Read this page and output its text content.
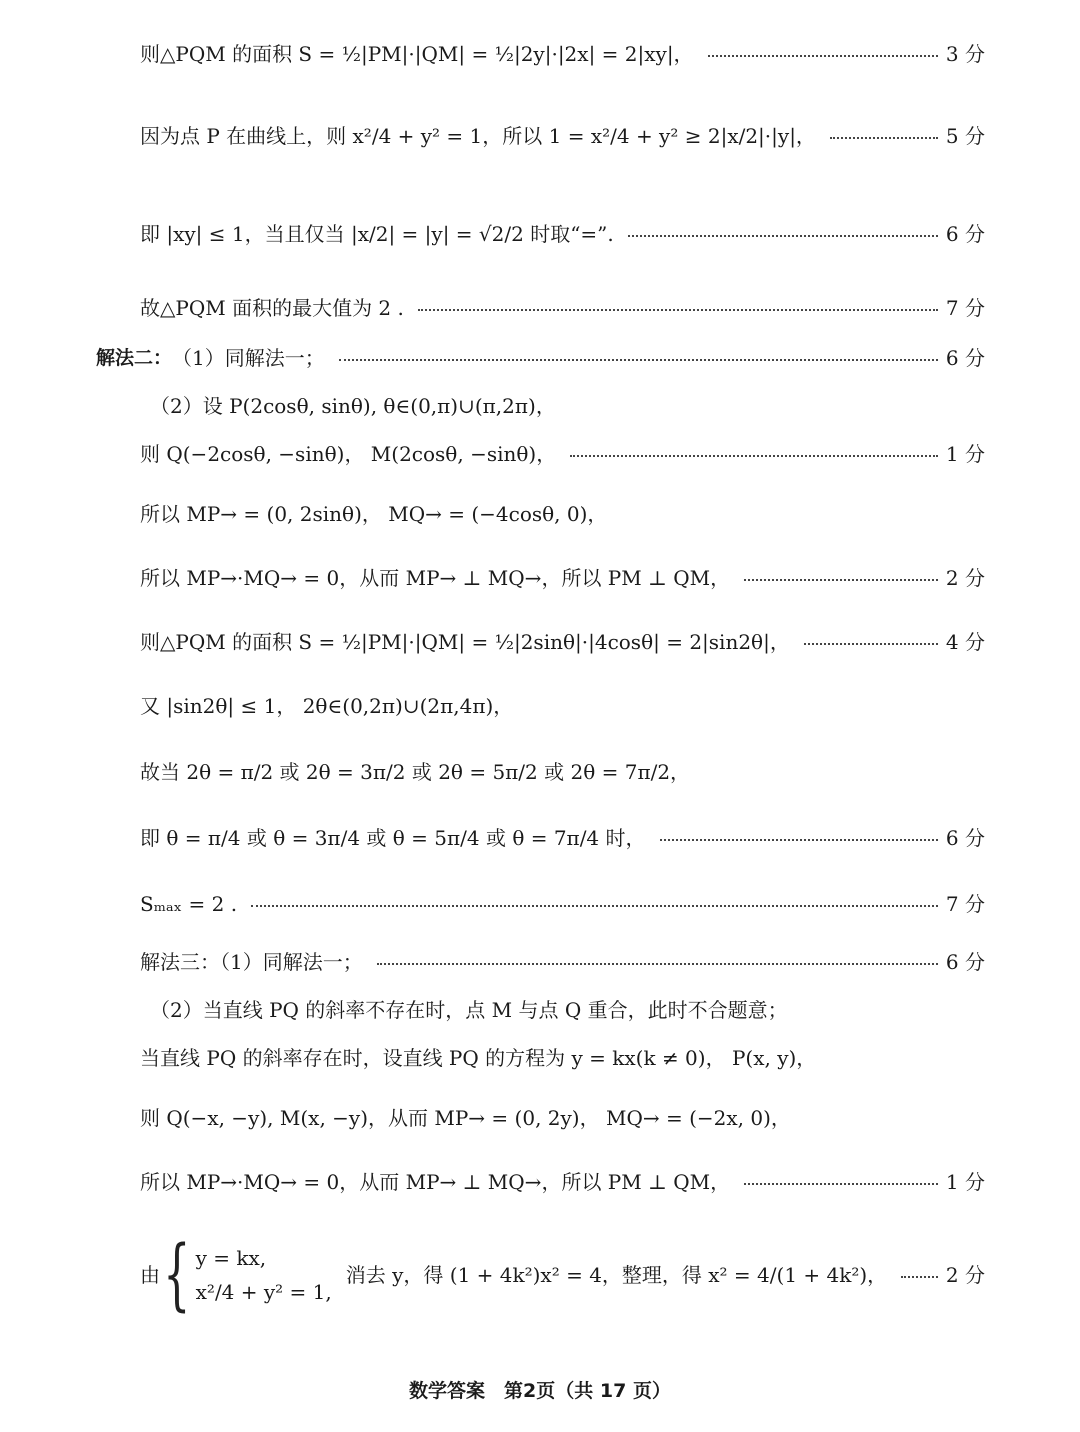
则△PQM 的面积 S = ½|PM|·|QM| = ½|2y|·|2x| = 2|xy|，	3 分
因为点 P 在曲线上，则 x²/4 + y² = 1，所以 1 = x²/4 + y² ≥ 2|x/2|·|y|，	5 分
即 |xy| ≤ 1，当且仅当 |x/2| = |y| = √2/2 时取“=”.	6 分
故△PQM 面积的最大值为 2 .	7 分
解法二： （1）同解法一；	6 分
（2）设 P(2cosθ, sinθ), θ∈(0,π)∪(π,2π)，
则 Q(−2cosθ, −sinθ)， M(2cosθ, −sinθ)，	1 分
所以 MP→ = (0, 2sinθ)， MQ→ = (−4cosθ, 0)，
所以 MP→·MQ→ = 0，从而 MP→ ⊥ MQ→，所以 PM ⊥ QM，	2 分
则△PQM 的面积 S = ½|PM|·|QM| = ½|2sinθ|·|4cosθ| = 2|sin2θ|，	4 分
又 |sin2θ| ≤ 1， 2θ∈(0,2π)∪(2π,4π)，
故当 2θ = π/2 或 2θ = 3π/2 或 2θ = 5π/2 或 2θ = 7π/2，
即 θ = π/4 或 θ = 3π/4 或 θ = 5π/4 或 θ = 7π/4 时，	6 分
Sₘₐₓ = 2 .	7 分
解法三：（1）同解法一；	6 分
（2）当直线 PQ 的斜率不存在时，点 M 与点 Q 重合，此时不合题意；
当直线 PQ 的斜率存在时，设直线 PQ 的方程为 y = kx(k ≠ 0)， P(x, y)，
则 Q(−x, −y), M(x, −y)，从而 MP→ = (0, 2y)， MQ→ = (−2x, 0)，
所以 MP→·MQ→ = 0，从而 MP→ ⊥ MQ→，所以 PM ⊥ QM，	1 分
由 { y = kx,
x²/4 + y² = 1,
消去 y，得 (1 + 4k²)x² = 4，整理，得 x² = 4/(1 + 4k²)，	2 分
数学答案　第2页（共 17 页）
